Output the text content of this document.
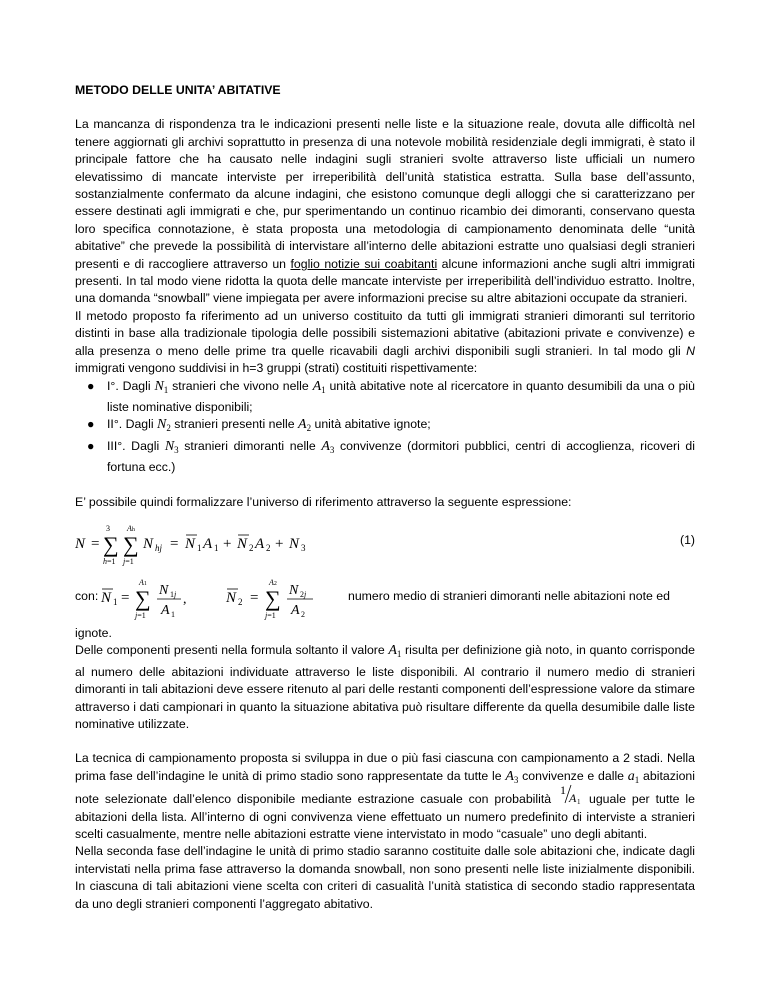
METODO DELLE UNITA’ ABITATIVE

La mancanza di rispondenza tra le indicazioni presenti nelle liste e la situazione reale, dovuta alle difficoltà nel tenere aggiornati gli archivi soprattutto in presenza di una notevole mobilità residenziale degli immigrati, è stato il principale fattore che ha causato nelle indagini sugli stranieri svolte attraverso liste ufficiali un numero elevatissimo di mancate interviste per irreperibilità dell’unità statistica estratta. Sulla base dell’assunto, sostanzialmente confermato da alcune indagini, che esistono comunque degli alloggi che si caratterizzano per essere destinati agli immigrati e che, pur sperimentando un continuo ricambio dei dimoranti, conservano questa loro specifica connotazione, è stata proposta una metodologia di campionamento denominata delle “unità abitative” che prevede la possibilità di intervistare all’interno delle abitazioni estratte uno qualsiasi degli stranieri presenti e di raccogliere attraverso un foglio notizie sui coabitanti alcune informazioni anche sugli altri immigrati presenti. In tal modo viene ridotta la quota delle mancate interviste per irreperibilità dell’individuo estratto. Inoltre, una domanda “snowball” viene impiegata per avere informazioni precise su altre abitazioni occupate da stranieri.

Il metodo proposto fa riferimento ad un universo costituito da tutti gli immigrati stranieri dimoranti sul territorio distinti in base alla tradizionale tipologia delle possibili sistemazioni abitative (abitazioni private e convivenze) e alla presenza o meno delle prime tra quelle ricavabili dagli archivi disponibili sugli stranieri. In tal modo gli N immigrati vengono suddivisi in h=3 gruppi (strati) costituiti rispettivamente:

● I°. Dagli $N_1$ stranieri che vivono nelle $A_1$ unità abitative note al ricercatore in quanto desumibili da una o più liste nominative disponibili;
● II°. Dagli $N_2$ stranieri presenti nelle $A_2$ unità abitative ignote;
● III°. Dagli $N_3$ stranieri dimoranti nelle $A_3$ convivenze (dormitori pubblici, centri di accoglienza, ricoveri di fortuna ecc.)

E’ possibile quindi formalizzare l’universo di riferimento attraverso la seguente espressione:

N =
3
∑
h=1
Ah
∑
j=1
N hj = N 1 A 1 + N 2 A 2 + N 3
(1)
con: N 1 =
A1
∑
j=1
N 1j
A 1
,	N 2 =
A2
∑
j=1
N 2j
A 2
numero medio di stranieri dimoranti nelle abitazioni note ed

ignote.

Delle componenti presenti nella formula soltanto il valore $A_1$ risulta per definizione già noto, in quanto corrisponde al numero delle abitazioni individuate attraverso le liste disponibili. Al contrario il numero medio di stranieri dimoranti in tali abitazioni deve essere ritenuto al pari delle restanti componenti dell’espressione valore da stimare attraverso i dati campionari in quanto la situazione abitativa può risultare differente da quella desumibile dalle liste nominative utilizzate.

La tecnica di campionamento proposta si sviluppa in due o più fasi ciascuna con campionamento a 2 stadi. Nella prima fase dell’indagine le unità di primo stadio sono rappresentate da tutte le $A_3$ convivenze e dalle $a_1$ abitazioni note selezionate dall’elenco disponibile mediante estrazione casuale con probabilità
1
A 1 uguale per tutte le abitazioni della lista. All’interno di ogni convivenza viene effettuato un numero predefinito di interviste a stranieri scelti casualmente, mentre nelle abitazioni estratte viene intervistato in modo “casuale” uno degli abitanti.

Nella seconda fase dell’indagine le unità di primo stadio saranno costituite dalle sole abitazioni che, indicate dagli intervistati nella prima fase attraverso la domanda snowball, non sono presenti nelle liste inizialmente disponibili. In ciascuna di tali abitazioni viene scelta con criteri di casualità l’unità statistica di secondo stadio rappresentata da uno degli stranieri componenti l’aggregato abitativo.
